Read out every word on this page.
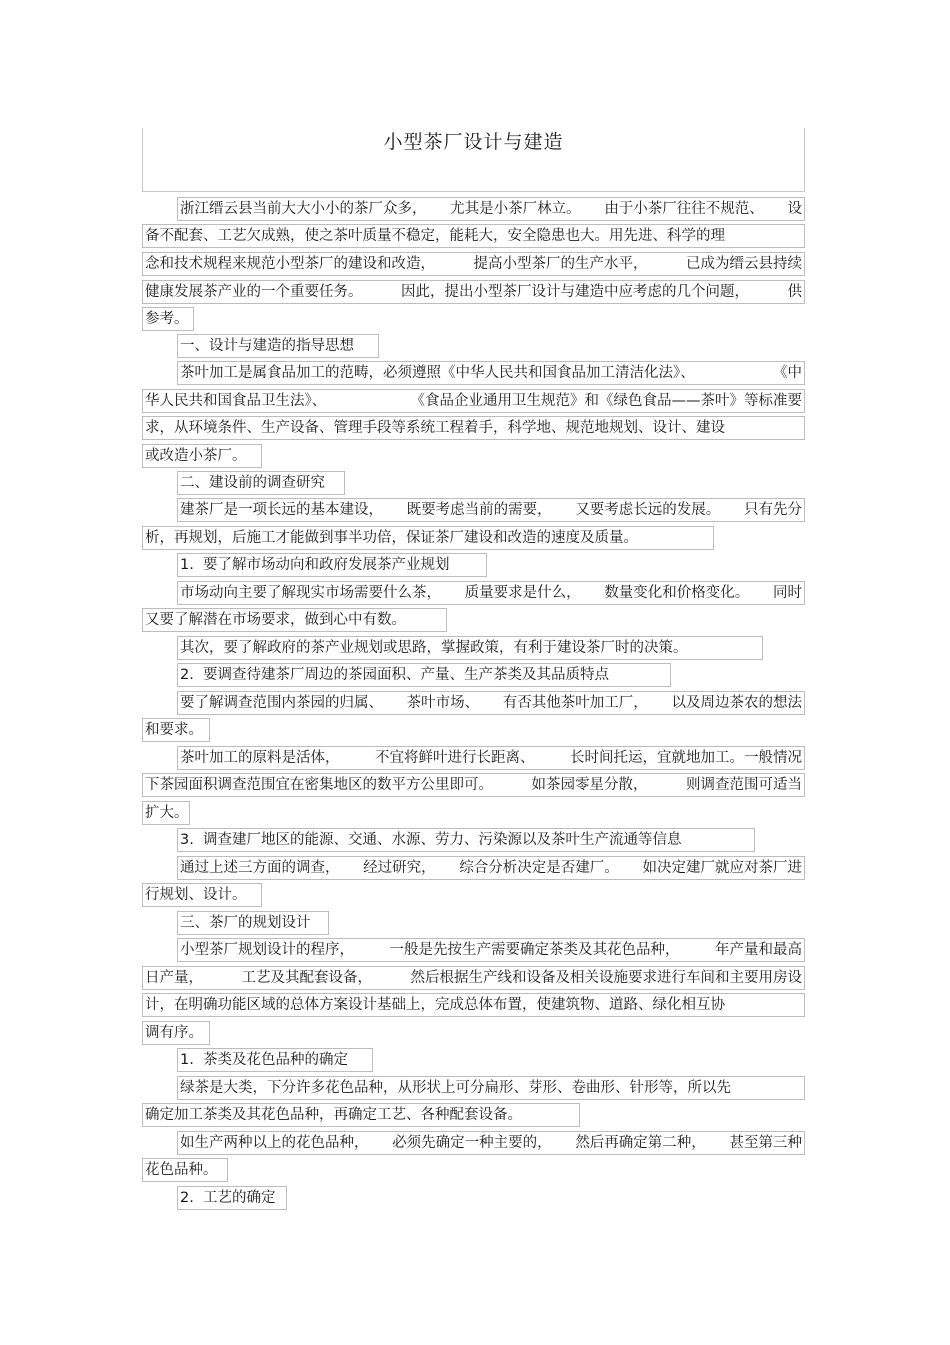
小型茶厂设计与建造
浙江缙云县当前大大小小的茶厂众多， 尤其是小茶厂林立。 由于小茶厂往往不规范、 设
备不配套、工艺欠成熟，使之茶叶质量不稳定，能耗大，安全隐患也大。用先进、科学的理
念和技术规程来规范小型茶厂的建设和改造，	提高小型茶厂的生产水平，	已成为缙云县持续
健康发展茶产业的一个重要任务。	因此，提出小型茶厂设计与建造中应考虑的几个问题，	供
参考。
一、设计与建造的指导思想
茶叶加工是属食品加工的范畴，必须遵照《中华人民共和国食品加工清洁化法》、	《中
华人民共和国食品卫生法》、	《食品企业通用卫生规范》和《绿色食品——茶叶》等标准要
求，从环境条件、生产设备、管理手段等系统工程着手，科学地、规范地规划、设计、建设
或改造小茶厂。
二、建设前的调查研究
建茶厂是一项长远的基本建设， 既要考虑当前的需要， 又要考虑长远的发展。 只有先分
析，再规划，后施工才能做到事半功倍，保证茶厂建设和改造的速度及质量。
1.  要了解市场动向和政府发展茶产业规划
市场动向主要了解现实市场需要什么茶， 质量要求是什么， 数量变化和价格变化。 同时
又要了解潜在市场要求，做到心中有数。
其次，要了解政府的茶产业规划或思路，掌握政策，有利于建设茶厂时的决策。
2.  要调查待建茶厂周边的茶园面积、产量、生产茶类及其品质特点
要了解调查范围内茶园的归属、 茶叶市场、 有否其他茶叶加工厂， 以及周边茶农的想法
和要求。
茶叶加工的原料是活体， 不宜将鲜叶进行长距离、 长时间托运，宜就地加工。一般情况
下茶园面积调查范围宜在密集地区的数平方公里即可。	如茶园零星分散，	则调查范围可适当
扩大。
3.  调查建厂地区的能源、交通、水源、劳力、污染源以及茶叶生产流通等信息
通过上述三方面的调查， 经过研究， 综合分析决定是否建厂。 如决定建厂就应对茶厂进
行规划、设计。
三、茶厂的规划设计
小型茶厂规划设计的程序， 一般是先按生产需要确定茶类及其花色品种， 年产量和最高
日产量，	工艺及其配套设备，	然后根据生产线和设备及相关设施要求进行车间和主要用房设
计，在明确功能区域的总体方案设计基础上，完成总体布置，使建筑物、道路、绿化相互协
调有序。
1.  茶类及花色品种的确定
绿茶是大类，下分许多花色品种，从形状上可分扁形、芽形、卷曲形、针形等，所以先
确定加工茶类及其花色品种，再确定工艺、各种配套设备。
如生产两种以上的花色品种， 必须先确定一种主要的， 然后再确定第二种， 甚至第三种
花色品种。
2.  工艺的确定
